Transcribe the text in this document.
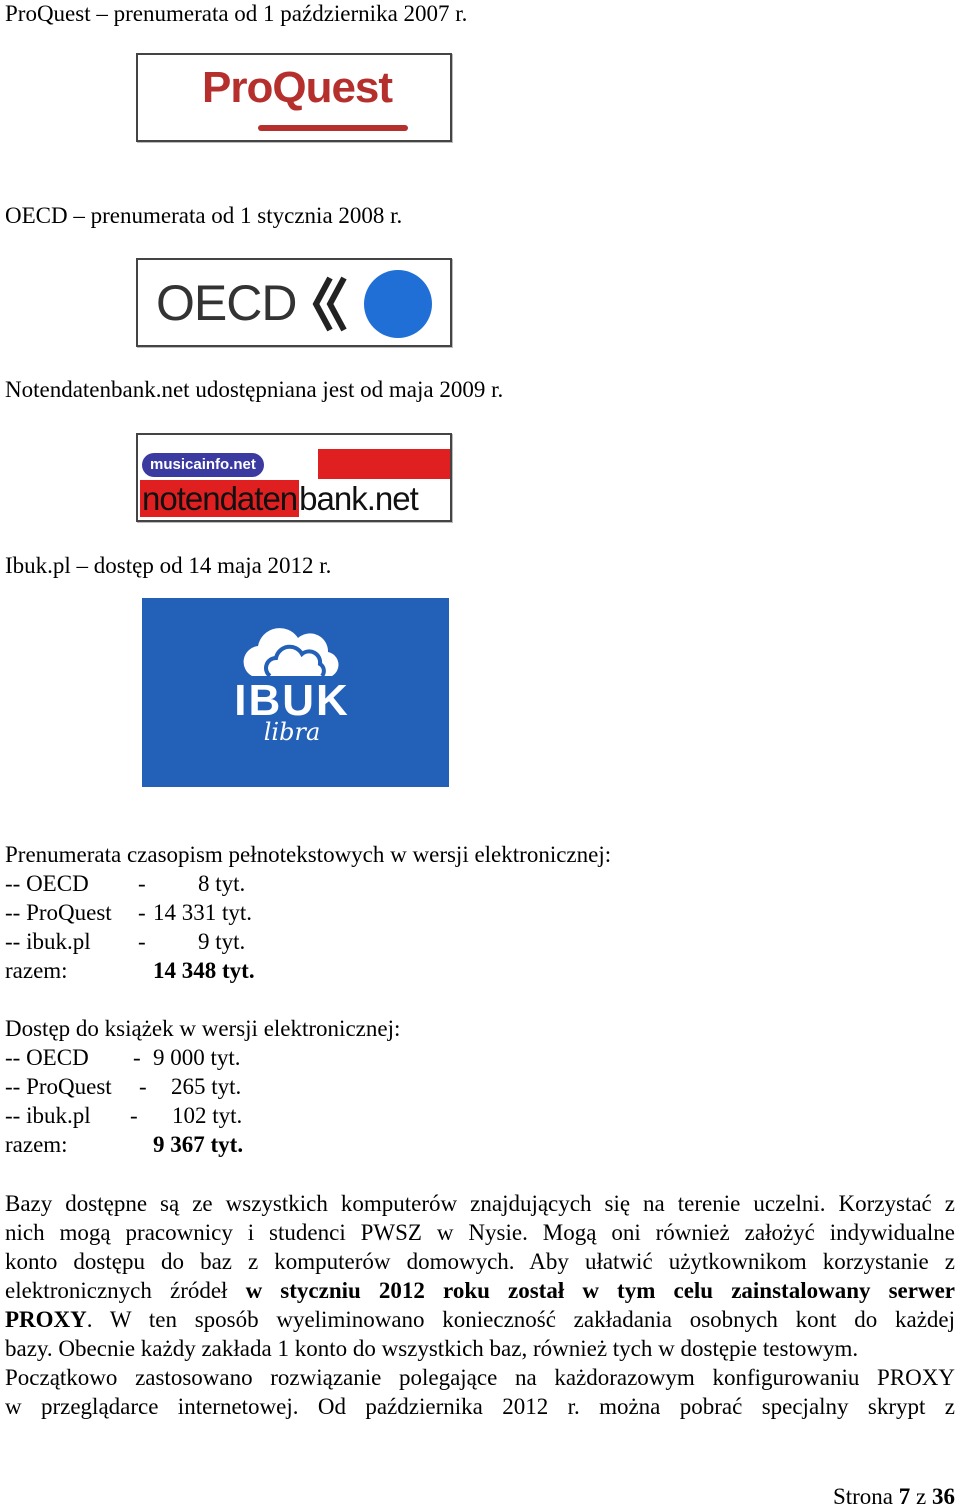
ProQuest – prenumerata od 1 października 2007 r.
ProQuest
OECD – prenumerata od 1 stycznia 2008 r.
OECD
Notendatenbank.net udostępniana jest od maja 2009 r.
musicainfo.net
notendatenbank.net
Ibuk.pl – dostęp od 14 maja 2012 r.
IBUK
libra
Prenumerata czasopism pełnotekstowych w wersji elektronicznej:
-- OECD - 8 tyt.
-- ProQuest - 14 331 tyt.
-- ibuk.pl - 9 tyt.
razem:	14 348 tyt.
Dostęp do książek w wersji elektronicznej:
-- OECD - 9 000 tyt.
-- ProQuest - 265 tyt.
-- ibuk.pl - 102 tyt.
razem:	9 367 tyt.
Bazy dostępne są ze wszystkich komputerów znajdujących się na terenie uczelni. Korzystać z
nich mogą pracownicy i studenci PWSZ w Nysie. Mogą oni również założyć indywidualne
konto dostępu do baz z komputerów domowych. Aby ułatwić użytkownikom korzystanie z
elektronicznych źródeł w styczniu 2012 roku został w tym celu zainstalowany serwer
PROXY. W ten sposób wyeliminowano konieczność zakładania osobnych kont do każdej
bazy. Obecnie każdy zakłada 1 konto do wszystkich baz, również tych w dostępie testowym.
Początkowo zastosowano rozwiązanie polegające na każdorazowym konfigurowaniu PROXY
w przeglądarce internetowej. Od października 2012 r. można pobrać specjalny skrypt z
Strona 7 z 36
